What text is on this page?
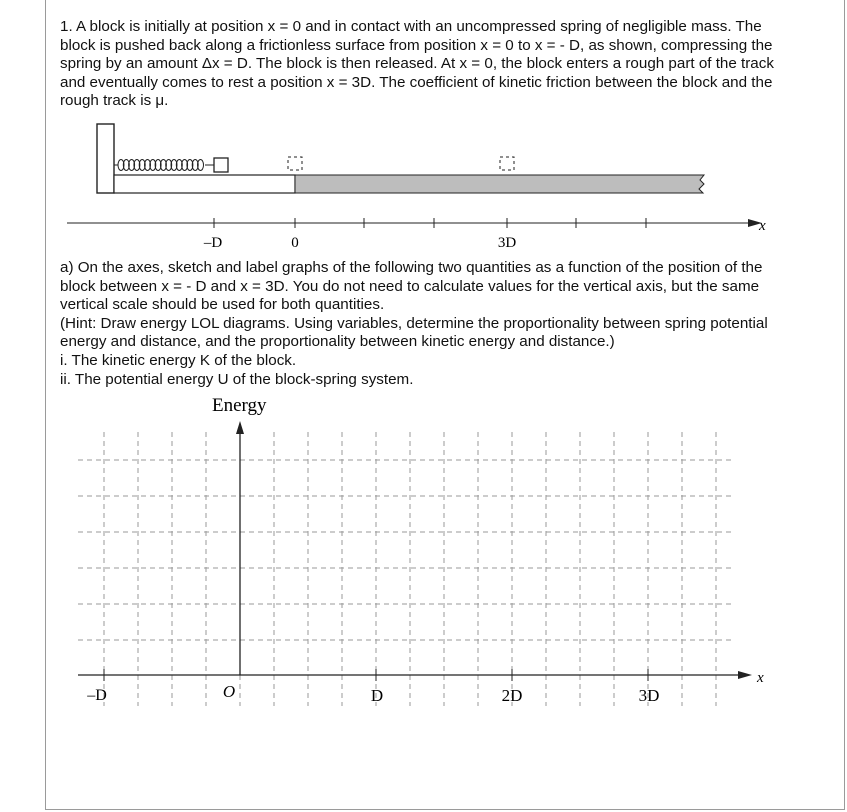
1. A block is initially at position x = 0 and in contact with an uncompressed spring of negligible mass. The block is pushed back along a frictionless surface from position x = 0 to x = - D, as shown, compressing the spring by an amount Δx = D. The block is then released. At x = 0, the block enters a rough part of the track and eventually comes to rest a position x = 3D. The coefficient of kinetic friction between the block and the rough track is μ.

x
–D	0	3D

a) On the axes, sketch and label graphs of the following two quantities as a function of the position of the block between x = - D and x = 3D. You do not need to calculate values for the vertical axis, but the same vertical scale should be used for both quantities.

(Hint: Draw energy LOL diagrams. Using variables, determine the proportionality between spring potential energy and distance, and the proportionality between kinetic energy and distance.)

i. The kinetic energy K of the block.

ii. The potential energy U of the block-spring system.

Energy
x
–D	O	D	2D	3D
